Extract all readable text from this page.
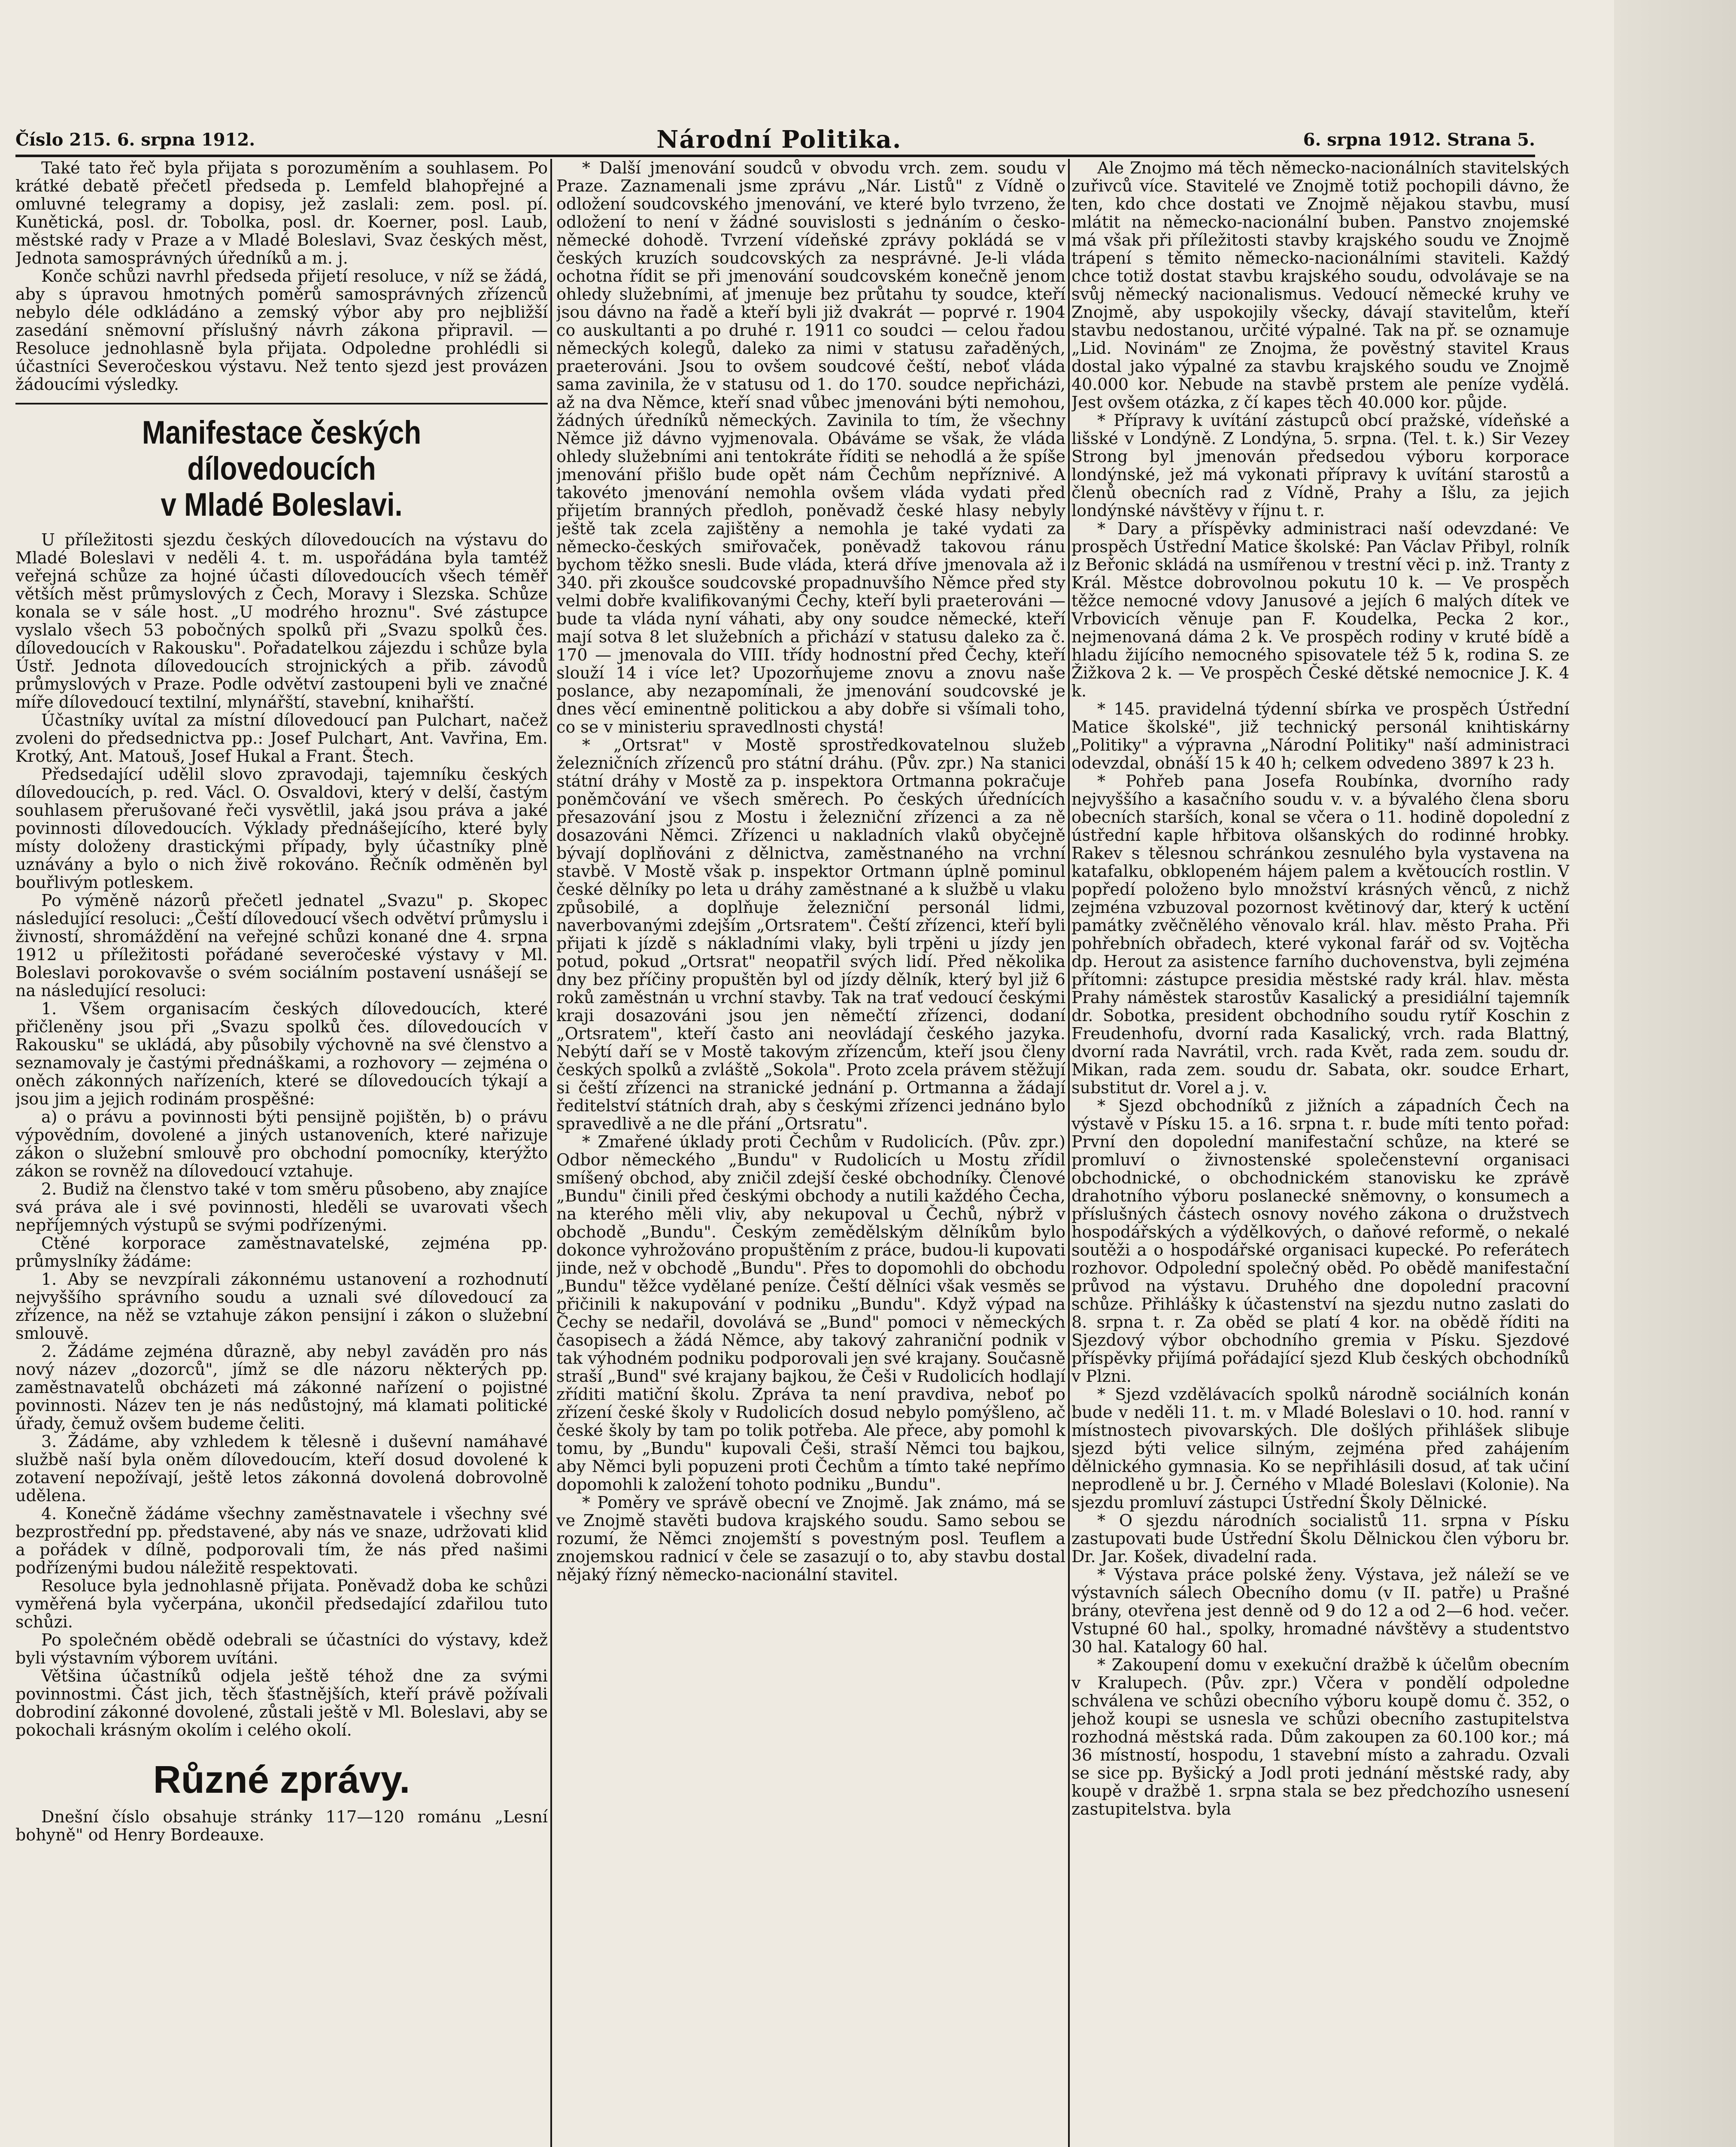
Číslo 215. 6. srpna 1912.	Národní Politika.	6. srpna 1912. Strana 5.

Také tato řeč byla přijata s porozuměním a souhlasem. Po krátké debatě přečetl předseda p. Lemfeld blahopřejné a omluvné telegramy a dopisy, jež zaslali: zem. posl. pí. Kunětická, posl. dr. Tobolka, posl. dr. Koerner, posl. Laub, městské rady v Praze a v Mladé Boleslavi, Svaz českých měst, Jednota samosprávných úředníků a m. j.

Konče schůzi navrhl předseda přijetí resoluce, v níž se žádá, aby s úpravou hmotných poměrů samosprávných zřízenců nebylo déle odkládáno a zemský výbor aby pro nejbližší zasedání sněmovní příslušný návrh zákona připravil. — Resoluce jednohlasně byla přijata. Odpoledne prohlédli si účastníci Severočeskou výstavu. Než tento sjezd jest provázen žádoucími výsledky.

Manifestace českých dílovedoucích
v Mladé Boleslavi.

U příležitosti sjezdu českých dílovedoucích na výstavu do Mladé Boleslavi v neděli 4. t. m. uspořádána byla tamtéž veřejná schůze za hojné účasti dílovedoucích všech téměř větších měst průmyslových z Čech, Moravy i Slezska. Schůze konala se v sále host. „U modrého hroznu". Své zástupce vyslalo všech 53 pobočných spolků při „Svazu spolků čes. dílovedoucích v Rakousku". Pořadatelkou zájezdu i schůze byla Ústř. Jednota dílovedoucích strojnických a přib. závodů průmyslových v Praze. Podle odvětví zastoupeni byli ve značné míře dílovedoucí textilní, mlynářští, stavební, knihařští.

Účastníky uvítal za místní dílovedoucí pan Pulchart, načež zvoleni do předsednictva pp.: Josef Pulchart, Ant. Vavřina, Em. Krotký, Ant. Matouš, Josef Hukal a Frant. Štech.

Předsedající udělil slovo zpravodaji, tajemníku českých dílovedoucích, p. red. Václ. O. Osvaldovi, který v delší, častým souhlasem přerušované řeči vysvětlil, jaká jsou práva a jaké povinnosti dílovedoucích. Výklady přednášejícího, které byly místy doloženy drastickými případy, byly účastníky plně uznávány a bylo o nich živě rokováno. Řečník odměněn byl bouřlivým potleskem.

Po výměně názorů přečetl jednatel „Svazu" p. Skopec následující resoluci: „Čeští dílovedoucí všech odvětví průmyslu i živností, shromáždění na veřejné schůzi konané dne 4. srpna 1912 u příležitosti pořádané severočeské výstavy v Ml. Boleslavi porokovavše o svém sociálním postavení usnášejí se na následující resoluci:

1. Všem organisacím českých dílovedoucích, které přičleněny jsou při „Svazu spolků čes. dílovedoucích v Rakousku" se ukládá, aby působily výchovně na své členstvo a seznamovaly je častými přednáškami, a rozhovory — zejména o oněch zákonných nařízeních, které se dílovedoucích týkají a jsou jim a jejich rodinám prospěšné:

a) o právu a povinnosti býti pensijně pojištěn, b) o právu výpovědním, dovolené a jiných ustanoveních, které nařizuje zákon o služební smlouvě pro obchodní pomocníky, kterýžto zákon se rovněž na dílovedoucí vztahuje.

2. Budiž na členstvo také v tom směru působeno, aby znajíce svá práva ale i své povinnosti, hleděli se uvarovati všech nepříjemných výstupů se svými podřízenými.

Ctěné korporace zaměstnavatelské, zejména pp. průmyslníky žádáme:

1. Aby se nevzpírali zákonnému ustanovení a rozhodnutí nejvyššího správního soudu a uznali své dílovedoucí za zřízence, na něž se vztahuje zákon pensijní i zákon o služební smlouvě.

2. Žádáme zejména důrazně, aby nebyl zaváděn pro nás nový název „dozorců", jímž se dle názoru některých pp. zaměstnavatelů obcházeti má zákonné nařízení o pojistné povinnosti. Název ten je nás nedůstojný, má klamati politické úřady, čemuž ovšem budeme čeliti.

3. Žádáme, aby vzhledem k tělesně i duševní namáhavé službě naší byla oněm dílovedoucím, kteří dosud dovolené k zotavení nepožívají, ještě letos zákonná dovolená dobrovolně udělena.

4. Konečně žádáme všechny zaměstnavatele i všechny své bezprostřední pp. představené, aby nás ve snaze, udržovati klid a pořádek v dílně, podporovali tím, že nás před našimi podřízenými budou náležitě respektovati.

Resoluce byla jednohlasně přijata. Poněvadž doba ke schůzi vyměřená byla vyčerpána, ukončil předsedající zdařilou tuto schůzi.

Po společném obědě odebrali se účastníci do výstavy, kdež byli výstavním výborem uvítáni.

Většina účastníků odjela ještě téhož dne za svými povinnostmi. Část jich, těch šťastnějších, kteří právě požívali dobrodiní zákonné dovolené, zůstali ještě v Ml. Boleslavi, aby se pokochali krásným okolím i celého okolí.

Různé zprávy.

Dnešní číslo obsahuje stránky 117—120 románu „Lesní bohyně" od Henry Bordeauxe.

* Další jmenování soudců v obvodu vrch. zem. soudu v Praze. Zaznamenali jsme zprávu „Nár. Listů" z Vídně o odložení soudcovského jmenování, ve které bylo tvrzeno, že odložení to není v žádné souvislosti s jednáním o česko-německé dohodě. Tvrzení vídeňské zprávy pokládá se v českých kruzích soudcovských za nesprávné. Je-li vláda ochotna řídit se při jmenování soudcovském konečně jenom ohledy služebními, ať jmenuje bez průtahu ty soudce, kteří jsou dávno na řadě a kteří byli již dvakrát — poprvé r. 1904 co auskultanti a po druhé r. 1911 co soudci — celou řadou německých kolegů, daleko za nimi v statusu zařaděných, praeterováni. Jsou to ovšem soudcové čeští, neboť vláda sama zavinila, že v statusu od 1. do 170. soudce nepřicházi, až na dva Němce, kteří snad vůbec jmenováni býti nemohou, žádných úředníků německých. Zavinila to tím, že všechny Němce již dávno vyjmenovala. Obáváme se však, že vláda ohledy služebními ani tentokráte říditi se nehodlá a že spíše jmenování přišlo bude opět nám Čechům nepříznivé. A takovéto jmenování nemohla ovšem vláda vydati před přijetím branných předloh, poněvadž české hlasy nebyly ještě tak zcela zajištěny a nemohla je také vydati za německo-českých smiřovaček, poněvadž takovou ránu bychom těžko snesli. Bude vláda, která dříve jmenovala až i 340. při zkoušce soudcovské propadnuvšího Němce před sty velmi dobře kvalifikovanými Čechy, kteří byli praeterováni — bude ta vláda nyní váhati, aby ony soudce německé, kteří mají sotva 8 let služebních a přichází v statusu daleko za č. 170 — jmenovala do VIII. třídy hodnostní před Čechy, kteří slouží 14 i více let? Upozorňujeme znovu a znovu naše poslance, aby nezapomínali, že jmenování soudcovské je dnes věcí eminentně politickou a aby dobře si všímali toho, co se v ministeriu spravedlnosti chystá!

* „Ortsrat" v Mostě sprostředkovatelnou služeb železničních zřízenců pro státní dráhu. (Pův. zpr.) Na stanici státní dráhy v Mostě za p. inspektora Ortmanna pokračuje poněmčování ve všech směrech. Po českých úřednících přesazování jsou z Mostu i železniční zřízenci a za ně dosazováni Němci. Zřízenci u nakladních vlaků obyčejně bývají doplňováni z dělnictva, zaměstnaného na vrchní stavbě. V Mostě však p. inspektor Ortmann úplně pominul české dělníky po leta u dráhy zaměstnané a k službě u vlaku způsobilé, a doplňuje železniční personál lidmi, naverbovanými zdejším „Ortsratem". Čeští zřízenci, kteří byli přijati k jízdě s nákladními vlaky, byli trpěni u jízdy jen potud, pokud „Ortsrat" neopatřil svých lidí. Před několika dny bez příčiny propuštěn byl od jízdy dělník, který byl již 6 roků zaměstnán u vrchní stavby. Tak na trať vedoucí českými kraji dosazováni jsou jen němečtí zřízenci, dodaní „Ortsratem", kteří často ani neovládají českého jazyka. Nebýtí daří se v Mostě takovým zřízencům, kteří jsou členy českých spolků a zvláště „Sokola". Proto zcela právem stěžují si čeští zřízenci na stranické jednání p. Ortmanna a žádají ředitelství státních drah, aby s českými zřízenci jednáno bylo spravedlivě a ne dle přání „Ortsratu".

* Zmařené úklady proti Čechům v Rudolicích. (Pův. zpr.) Odbor německého „Bundu" v Rudolicích u Mostu zřídil smíšený obchod, aby zničil zdejší české obchodníky. Členové „Bundu" činili před českými obchody a nutili každého Čecha, na kterého měli vliv, aby nekupoval u Čechů, nýbrž v obchodě „Bundu". Českým zemědělským dělníkům bylo dokonce vyhrožováno propuštěním z práce, budou-li kupovati jinde, než v obchodě „Bundu". Přes to dopomohli do obchodu „Bundu" těžce vydělané peníze. Čeští dělníci však vesměs se přičinili k nakupování v podniku „Bundu". Když výpad na Čechy se nedařil, dovolává se „Bund" pomoci v německých časopisech a žádá Němce, aby takový zahraniční podnik v tak výhodném podniku podporovali jen své krajany. Současně straší „Bund" své krajany bajkou, že Češi v Rudolicích hodlají zříditi matiční školu. Zpráva ta není pravdiva, neboť po zřízení české školy v Rudolicích dosud nebylo pomýšleno, ač české školy by tam po tolik potřeba. Ale přece, aby pomohl k tomu, by „Bundu" kupovali Češi, straší Němci tou bajkou, aby Němci byli popuzeni proti Čechům a tímto také nepřímo dopomohli k založení tohoto podniku „Bundu".

* Poměry ve správě obecní ve Znojmě. Jak známo, má se ve Znojmě stavěti budova krajského soudu. Samo sebou se rozumí, že Němci znojemští s povestným posl. Teuflem a znojemskou radnicí v čele se zasazují o to, aby stavbu dostal nějaký řízný německo-nacionální stavitel.

Ale Znojmo má těch německo-nacionálních stavitelských zuřivců více. Stavitelé ve Znojmě totiž pochopili dávno, že ten, kdo chce dostati ve Znojmě nějakou stavbu, musí mlátit na německo-nacionální buben. Panstvo znojemské má však při příležitosti stavby krajského soudu ve Znojmě trápení s těmito německo-nacionálními staviteli. Každý chce totiž dostat stavbu krajského soudu, odvolávaje se na svůj německý nacionalismus. Vedoucí německé kruhy ve Znojmě, aby uspokojily všecky, dávají stavitelům, kteří stavbu nedostanou, určité výpalné. Tak na př. se oznamuje „Lid. Novinám" ze Znojma, že pověstný stavitel Kraus dostal jako výpalné za stavbu krajského soudu ve Znojmě 40.000 kor. Nebude na stavbě prstem ale peníze vydělá. Jest ovšem otázka, z čí kapes těch 40.000 kor. půjde.

* Přípravy k uvítání zástupců obcí pražské, vídeňské a lišské v Londýně. Z Londýna, 5. srpna. (Tel. t. k.) Sir Vezey Strong byl jmenován předsedou výboru korporace londýnské, jež má vykonati přípravy k uvítání starostů a členů obecních rad z Vídně, Prahy a Išlu, za jejich londýnské návštěvy v říjnu t. r.

* Dary a příspěvky administraci naší odevzdané: Ve prospěch Ústřední Matice školské: Pan Václav Přibyl, rolník z Beřonic skládá na usmířenou v trestní věci p. inž. Tranty z Král. Městce dobrovolnou pokutu 10 k. — Ve prospěch těžce nemocné vdovy Janusové a jejích 6 malých dítek ve Vrbovicích věnuje pan F. Koudelka, Pecka 2 kor., nejmenovaná dáma 2 k. Ve prospěch rodiny v kruté bídě a hladu žijícího nemocného spisovatele též 5 k, rodina S. ze Žižkova 2 k. — Ve prospěch České dětské nemocnice J. K. 4 k.

* 145. pravidelná týdenní sbírka ve prospěch Ústřední Matice školské", již technický personál knihtiskárny „Politiky" a výpravna „Národní Politiky" naší administraci odevzdal, obnáší 15 k 40 h; celkem odvedeno 3897 k 23 h.

* Pohřeb pana Josefa Roubínka, dvorního rady nejvyššího a kasačního soudu v. v. a bývalého člena sboru obecních starších, konal se včera o 11. hodině dopolední z ústřední kaple hřbitova olšanských do rodinné hrobky. Rakev s tělesnou schránkou zesnulého byla vystavena na katafalku, obklopeném hájem palem a květoucích rostlin. V popředí položeno bylo množství krásných věnců, z nichž zejména vzbuzoval pozornost květinový dar, který k uctění památky zvěčnělého věnovalo král. hlav. město Praha. Při pohřebních obřadech, které vykonal farář od sv. Vojtěcha dp. Herout za asistence farního duchovenstva, byli zejména přítomni: zástupce presidia městské rady král. hlav. města Prahy náměstek starostův Kasalický a presidiální tajemník dr. Sobotka, president obchodního soudu rytíř Koschin z Freudenhofu, dvorní rada Kasalický, vrch. rada Blattný, dvorní rada Navrátil, vrch. rada Květ, rada zem. soudu dr. Mikan, rada zem. soudu dr. Sabata, okr. soudce Erhart, substitut dr. Vorel a j. v.

* Sjezd obchodníků z jižních a západních Čech na výstavě v Písku 15. a 16. srpna t. r. bude míti tento pořad: První den dopolední manifestační schůze, na které se promluví o živnostenské společenstevní organisaci obchodnické, o obchodnickém stanovisku ke zprávě drahotního výboru poslanecké sněmovny, o konsumech a příslušných částech osnovy nového zákona o družstvech hospodářských a výdělkových, o daňové reformě, o nekalé soutěži a o hospodářské organisaci kupecké. Po referátech rozhovor. Odpolední společný oběd. Po obědě manifestační průvod na výstavu. Druhého dne dopolední pracovní schůze. Přihlášky k účastenství na sjezdu nutno zaslati do 8. srpna t. r. Za oběd se platí 4 kor. na obědě říditi na Sjezdový výbor obchodního gremia v Písku. Sjezdové příspěvky přijímá pořádající sjezd Klub českých obchodníků v Plzni.

* Sjezd vzdělávacích spolků národně sociálních konán bude v neděli 11. t. m. v Mladé Boleslavi o 10. hod. ranní v místnostech pivovarských. Dle došlých přihlášek slibuje sjezd býti velice silným, zejména před zahájením dělnického gymnasia. Ko se nepřihlásili dosud, ať tak učiní neprodleně u br. J. Černého v Mladé Boleslavi (Kolonie). Na sjezdu promluví zástupci Ústřední Školy Dělnické.

* O sjezdu národních socialistů 11. srpna v Písku zastupovati bude Ústřední Školu Dělnickou člen výboru br. Dr. Jar. Košek, divadelní rada.

* Výstava práce polské ženy. Výstava, jež náleží se ve výstavních sálech Obecního domu (v II. patře) u Prašné brány, otevřena jest denně od 9 do 12 a od 2—6 hod. večer. Vstupné 60 hal., spolky, hromadné návštěvy a studentstvo 30 hal. Katalogy 60 hal.

* Zakoupení domu v exekuční dražbě k účelům obecním v Kralupech. (Pův. zpr.) Včera v pondělí odpoledne schválena ve schůzi obecního výboru koupě domu č. 352, o jehož koupi se usnesla ve schůzi obecního zastupitelstva rozhodná městská rada. Dům zakoupen za 60.100 kor.; má 36 místností, hospodu, 1 stavební místo a zahradu. Ozvali se sice pp. Byšický a Jodl proti jednání městské rady, aby koupě v dražbě 1. srpna stala se bez předchozího usnesení zastupitelstva. byla
